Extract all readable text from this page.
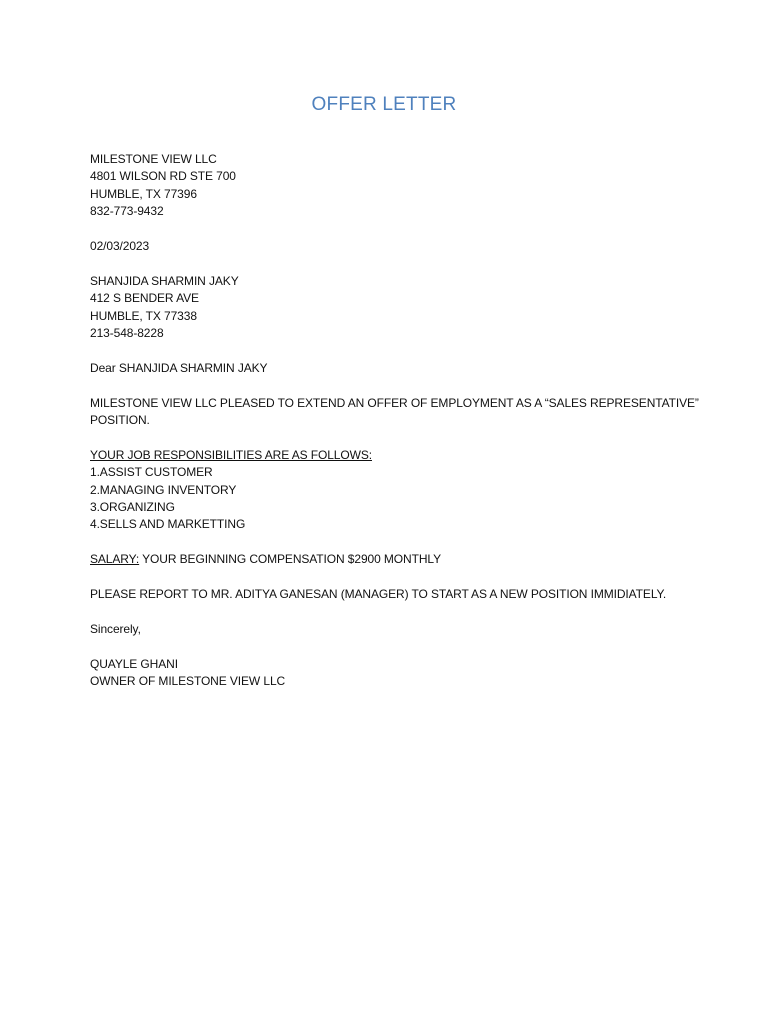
OFFER LETTER
MILESTONE VIEW LLC
4801 WILSON RD STE 700
HUMBLE, TX 77396
832-773-9432
02/03/2023
SHANJIDA SHARMIN JAKY
412 S BENDER AVE
HUMBLE, TX 77338
213-548-8228
Dear SHANJIDA SHARMIN JAKY
MILESTONE VIEW LLC PLEASED TO EXTEND AN OFFER OF EMPLOYMENT AS A “SALES REPRESENTATIVE”
POSITION.
YOUR JOB RESPONSIBILITIES ARE AS FOLLOWS:
1.ASSIST CUSTOMER
2.MANAGING INVENTORY
3.ORGANIZING
4.SELLS AND MARKETTING
SALARY: YOUR BEGINNING COMPENSATION $2900 MONTHLY
PLEASE REPORT TO MR. ADITYA GANESAN (MANAGER) TO START AS A NEW POSITION IMMIDIATELY.
Sincerely,
QUAYLE GHANI
OWNER OF MILESTONE VIEW LLC
